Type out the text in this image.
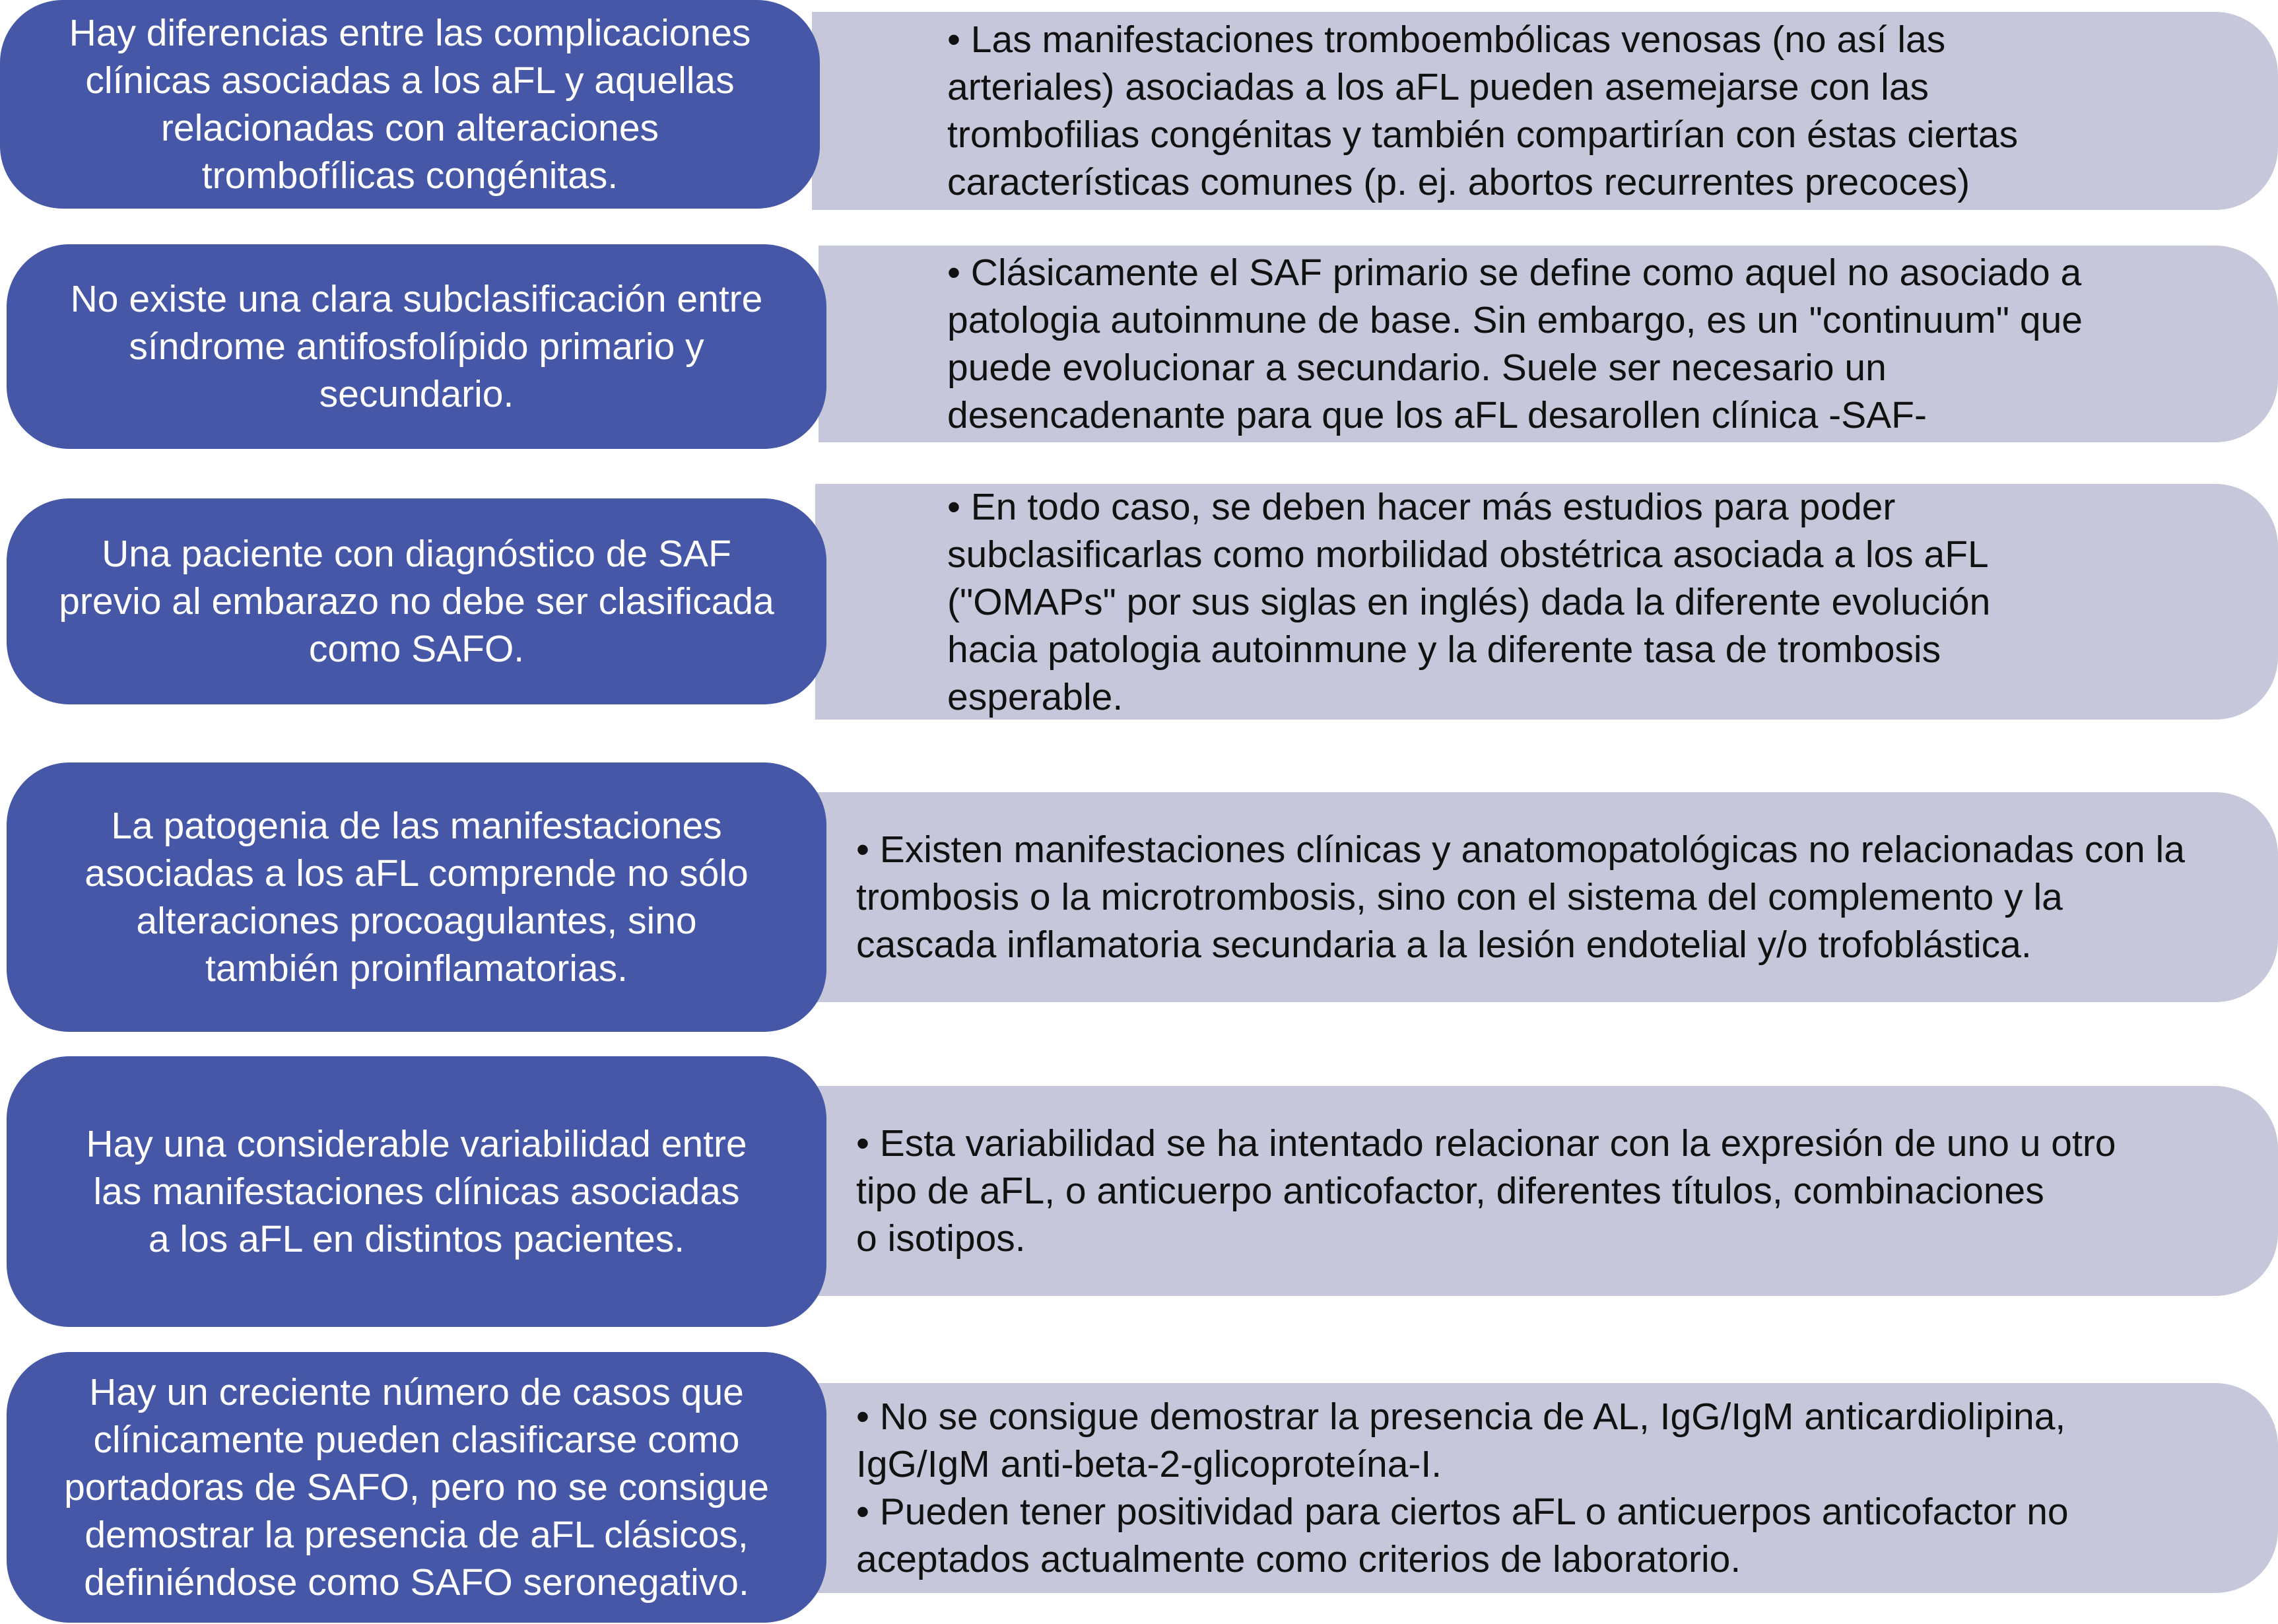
• Las manifestaciones tromboembólicas venosas (no así las
arteriales) asociadas a los aFL pueden asemejarse con las
trombofilias congénitas y también compartirían con éstas ciertas
características comunes (p. ej. abortos recurrentes precoces)
Hay diferencias entre las complicaciones
clínicas asociadas a los aFL y aquellas
relacionadas con alteraciones
trombofílicas congénitas.
• Clásicamente el SAF primario se define como aquel no asociado a
patologia autoinmune de base. Sin embargo, es un "continuum" que
puede evolucionar a secundario. Suele ser necesario un
desencadenante para que los aFL desarollen clínica -SAF-
No existe una clara subclasificación entre
síndrome antifosfolípido primario y
secundario.
• En todo caso, se deben hacer más estudios para poder
subclasificarlas como morbilidad obstétrica asociada a los aFL
("OMAPs" por sus siglas en inglés) dada la diferente evolución
hacia patologia autoinmune y la diferente tasa de trombosis
esperable.
Una paciente con diagnóstico de SAF
previo al embarazo no debe ser clasificada
como SAFO.
• Existen manifestaciones clínicas y anatomopatológicas no relacionadas con la
trombosis o la microtrombosis, sino con el sistema del complemento y la
cascada inflamatoria secundaria a la lesión endotelial y/o trofoblástica.
La patogenia de las manifestaciones
asociadas a los aFL comprende no sólo
alteraciones procoagulantes, sino
también proinflamatorias.
• Esta variabilidad se ha intentado relacionar con la expresión de uno u otro
tipo de aFL, o anticuerpo anticofactor, diferentes títulos, combinaciones
o isotipos.
Hay una considerable variabilidad entre
las manifestaciones clínicas asociadas
a los aFL en distintos pacientes.
• No se consigue demostrar la presencia de AL, IgG/IgM anticardiolipina,
IgG/IgM anti-beta-2-glicoproteína-I.
• Pueden tener positividad para ciertos aFL o anticuerpos anticofactor no
aceptados actualmente como criterios de laboratorio.
Hay un creciente número de casos que
clínicamente pueden clasificarse como
portadoras de SAFO, pero no se consigue
demostrar la presencia de aFL clásicos,
definiéndose como SAFO seronegativo.
